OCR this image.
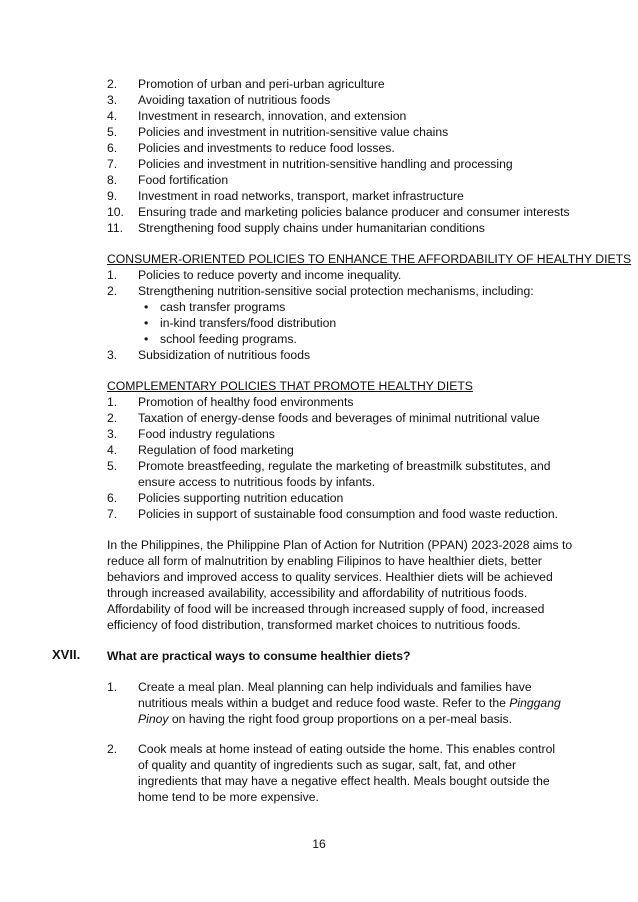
2. Promotion of urban and peri-urban agriculture
3. Avoiding taxation of nutritious foods
4. Investment in research, innovation, and extension
5. Policies and investment in nutrition-sensitive value chains
6. Policies and investments to reduce food losses.
7. Policies and investment in nutrition-sensitive handling and processing
8. Food fortification
9. Investment in road networks, transport, market infrastructure
10. Ensuring trade and marketing policies balance producer and consumer interests
11. Strengthening food supply chains under humanitarian conditions
CONSUMER-ORIENTED POLICIES TO ENHANCE THE AFFORDABILITY OF HEALTHY DIETS
1. Policies to reduce poverty and income inequality.
2. Strengthening nutrition-sensitive social protection mechanisms, including:
• cash transfer programs
• in-kind transfers/food distribution
• school feeding programs.
3. Subsidization of nutritious foods
COMPLEMENTARY POLICIES THAT PROMOTE HEALTHY DIETS
1. Promotion of healthy food environments
2. Taxation of energy-dense foods and beverages of minimal nutritional value
3. Food industry regulations
4. Regulation of food marketing
5. Promote breastfeeding, regulate the marketing of breastmilk substitutes, and
ensure access to nutritious foods by infants.
6. Policies supporting nutrition education
7. Policies in support of sustainable food consumption and food waste reduction.
In the Philippines, the Philippine Plan of Action for Nutrition (PPAN) 2023-2028 aims to reduce all form of malnutrition by enabling Filipinos to have healthier diets, better behaviors and improved access to quality services. Healthier diets will be achieved through increased availability, accessibility and affordability of nutritious foods. Affordability of food will be increased through increased supply of food, increased efficiency of food distribution, transformed market choices to nutritious foods.
XVII. What are practical ways to consume healthier diets?
1. Create a meal plan. Meal planning can help individuals and families have nutritious meals within a budget and reduce food waste. Refer to the Pinggang Pinoy on having the right food group proportions on a per-meal basis.
2. Cook meals at home instead of eating outside the home. This enables control of quality and quantity of ingredients such as sugar, salt, fat, and other ingredients that may have a negative effect health. Meals bought outside the home tend to be more expensive.
16
